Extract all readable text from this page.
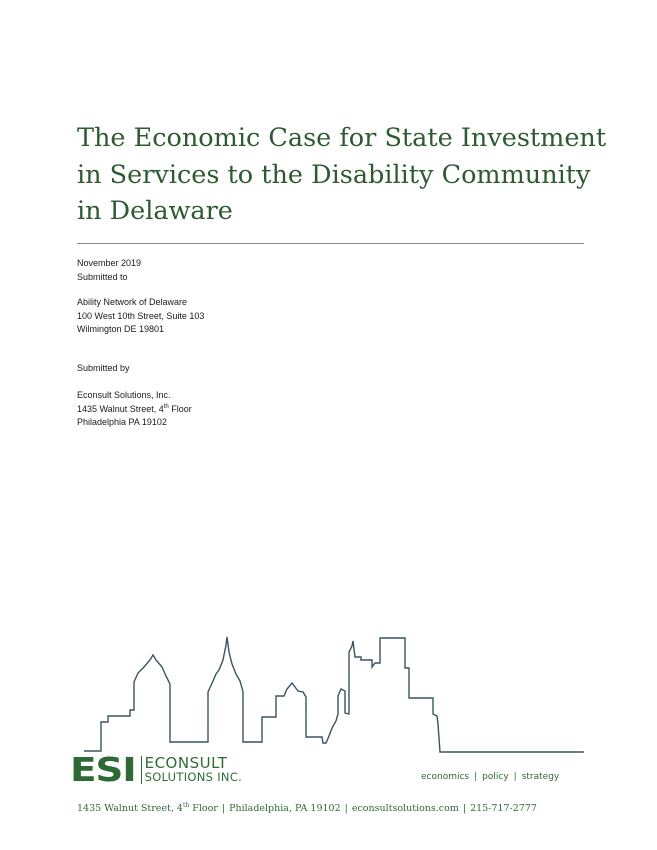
The Economic Case for State Investment
in Services to the Disability Community
in Delaware
November 2019
Submitted to
Ability Network of Delaware
100 West 10th Street, Suite 103
Wilmington DE 19801
Submitted by
Econsult Solutions, Inc.
1435 Walnut Street, 4th Floor
Philadelphia PA 19102
ESI ECONSULT
SOLUTIONS INC.	economics | policy | strategy
1435 Walnut Street, 4th Floor | Philadelphia, PA 19102 | econsultsolutions.com | 215-717-2777
